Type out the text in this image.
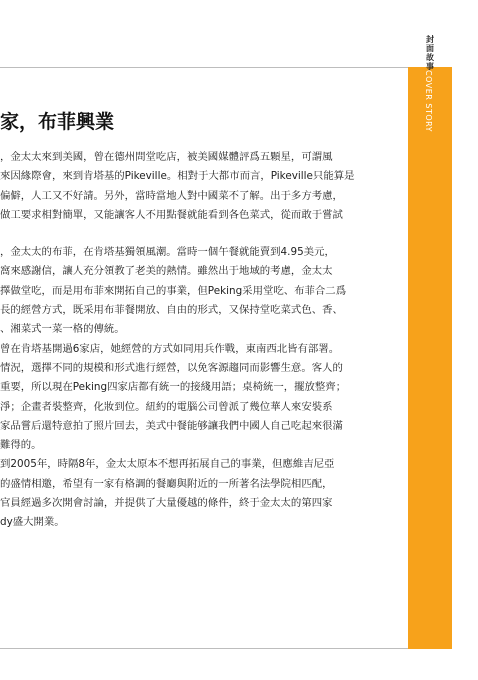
封
面
故
事
COVER STORY
家，布菲興業
，金太太來到美國，曾在德州問堂吃店，被美國媒體評爲五顆星，可謂風
來因緣際會，來到肯塔基的Pikeville。相對于大都市而言，Pikeville只能算是
偏僻，人工又不好請。另外，當時當地人對中國菜不了解。出于多方考慮，
做工要求相對簡單，又能讓客人不用點餐就能看到各色菜式，從而敢于嘗試
，金太太的布菲，在肯塔基獨領風潮。當時一個午餐就能賣到4.95美元，
窩來感謝信，讓人充分領教了老美的熱情。雖然出于地域的考慮，金太太
擇做堂吃，而是用布菲來開拓自己的事業，但Peking采用堂吃、布菲合二爲
長的經營方式，既采用布菲餐開放、自由的形式，又保持堂吃菜式色、香、
、湘菜式一菜一格的傳統。
曾在肯塔基開過6家店，她經營的方式如同用兵作戰，東南西北皆有部署。
情況，選擇不同的規模和形式進行經營，以免客源趨同而影響生意。客人的
重要，所以現在Peking四家店都有統一的接綫用語；桌椅統一，擺放整齊；
淨；企畫者裝整齊，化妝到位。紐約的電腦公司曾派了幾位華人來安裝系
家品嘗后還特意拍了照片回去，美式中餐能够讓我們中國人自己吃起來很滿
難得的。
到2005年，時隔8年，金太太原本不想再拓展自己的事業，但應維吉尼亞
的盛情相邀，希望有一家有格調的餐廳與附近的一所著名法學院相匹配，
官員經過多次開會討論，并提供了大量優越的條件，終于金太太的第四家
dy盛大開業。
